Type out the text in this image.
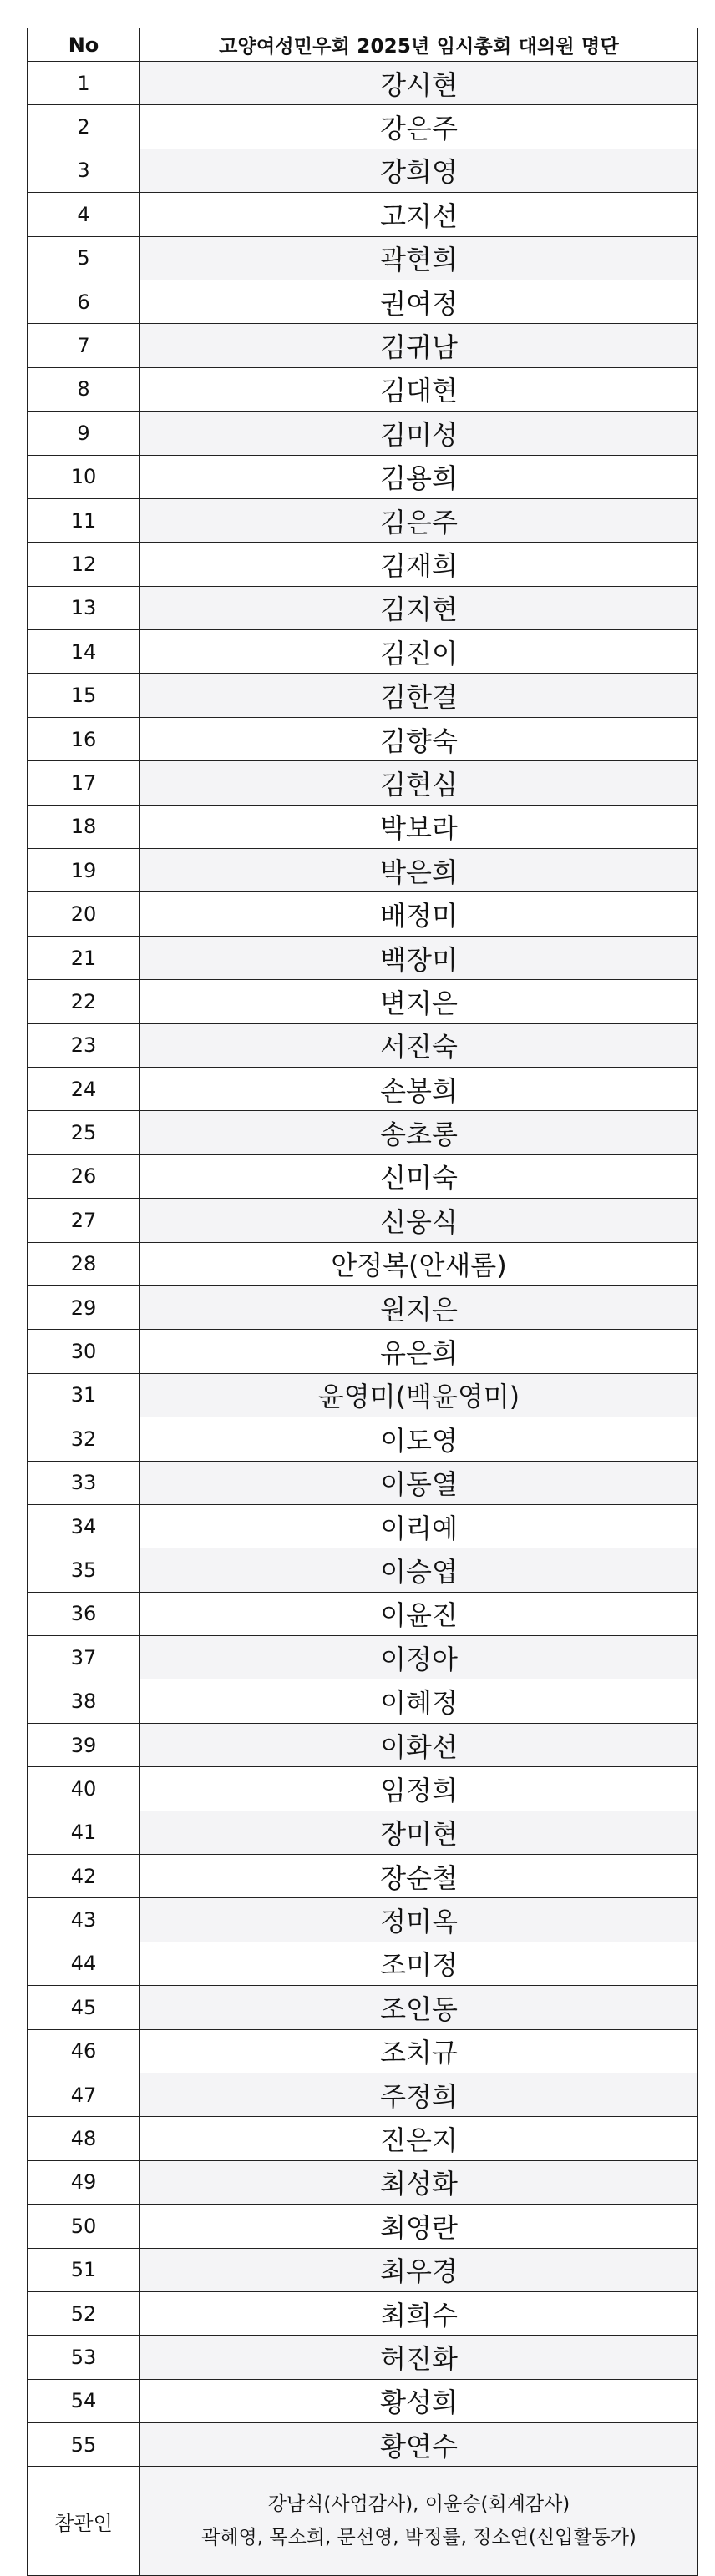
No	고양여성민우회 2025년 임시총회 대의원 명단
1	강시현
2	강은주
3	강희영
4	고지선
5	곽현희
6	권여정
7	김귀남
8	김대현
9	김미성
10	김용희
11	김은주
12	김재희
13	김지현
14	김진이
15	김한결
16	김향숙
17	김현심
18	박보라
19	박은희
20	배정미
21	백장미
22	변지은
23	서진숙
24	손봉희
25	송초롱
26	신미숙
27	신웅식
28	안정복(안새롬)
29	원지은
30	유은희
31	윤영미(백윤영미)
32	이도영
33	이동열
34	이리예
35	이승엽
36	이윤진
37	이정아
38	이혜정
39	이화선
40	임정희
41	장미현
42	장순철
43	정미옥
44	조미정
45	조인동
46	조치규
47	주정희
48	진은지
49	최성화
50	최영란
51	최우경
52	최희수
53	허진화
54	황성희
55	황연수
참관인	강남식(사업감사), 이윤승(회계감사)
곽혜영, 목소희, 문선영, 박정률, 정소연(신입활동가)
